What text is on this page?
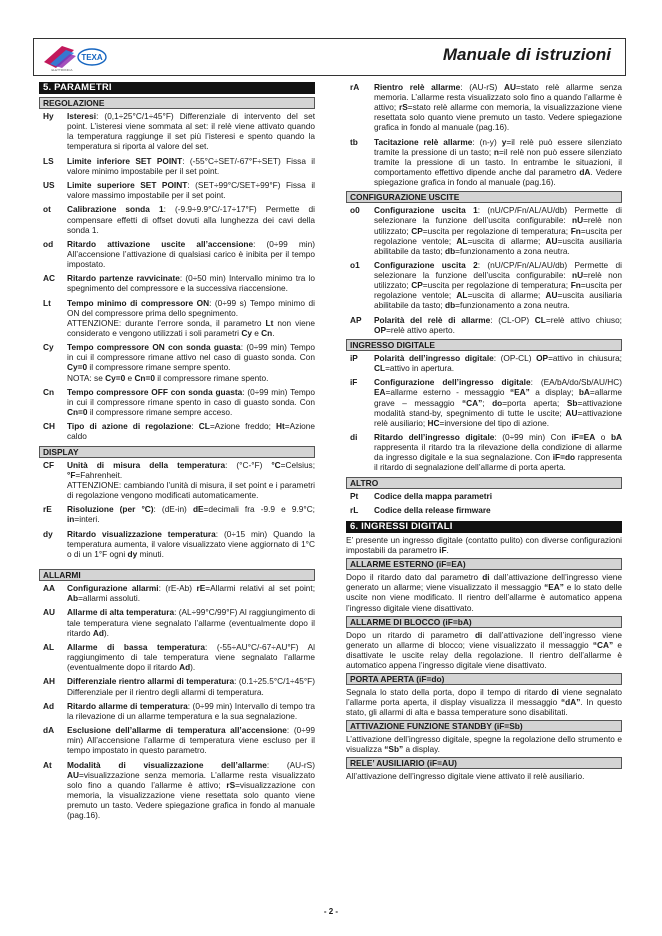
TEXA
ELETTRONICA
Manuale di istruzioni
5. PARAMETRI
REGOLAZIONE
Hy	Isteresi: (0,1÷25°C/1÷45°F) Differenziale di intervento del set point. L’isteresi viene sommata al set: il relè viene attivato quando la temperatura raggiunge il set più l’isteresi e spento quando la temperatura si riporta al valore del set.
LS	Limite inferiore SET POINT: (-55°C÷SET/-67°F÷SET) Fissa il valore minimo impostabile per il set point.
US	Limite superiore SET POINT: (SET÷99°C/SET÷99°F) Fissa il valore massimo impostabile per il set point.
ot	Calibrazione sonda 1: (-9.9÷9.9°C/-17÷17°F) Permette di compensare effetti di offset dovuti alla lunghezza dei cavi della sonda 1.
od	Ritardo attivazione uscite all’accensione: (0÷99 min) All’accensione l’attivazione di qualsiasi carico è inibita per il tempo impostato.
AC	Ritardo partenze ravvicinate: (0÷50 min) Intervallo minimo tra lo spegnimento del compressore e la successiva riaccensione.
Lt	Tempo minimo di compressore ON: (0÷99 s) Tempo minimo di ON del compressore prima dello spegnimento.
ATTENZIONE: durante l’errore sonda, il parametro Lt non viene considerato e vengono utilizzati i soli parametri Cy e Cn.
Cy	Tempo compressore ON con sonda guasta: (0÷99 min) Tempo in cui il compressore rimane attivo nel caso di guasto sonda. Con Cy=0 il compressore rimane sempre spento.
NOTA: se Cy=0 e Cn=0 il compressore rimane spento.
Cn	Tempo compressore OFF con sonda guasta: (0÷99 min) Tempo in cui il compressore rimane spento in caso di guasto sonda. Con Cn=0 il compressore rimane sempre acceso.
CH	Tipo di azione di regolazione: CL=Azione freddo; Ht=Azione caldo
DISPLAY
CF	Unità di misura della temperatura: (°C-°F) °C=Celsius; °F=Fahrenheit.
ATTENZIONE: cambiando l’unità di misura, il set point e i parametri di regolazione vengono modificati automaticamente.
rE	Risoluzione (per °C): (dE-in) dE=decimali fra -9.9 e 9.9°C; in=interi.
dy	Ritardo visualizzazione temperatura: (0÷15 min) Quando la temperatura aumenta, il valore visualizzato viene aggiornato di 1°C o di un 1°F ogni dy minuti.
ALLARMI
AA	Configurazione allarmi: (rE-Ab) rE=Allarmi relativi al set point; Ab=allarmi assoluti.
AU	Allarme di alta temperatura: (AL÷99°C/99°F) Al raggiungimento di tale temperatura viene segnalato l’allarme (eventualmente dopo il ritardo Ad).
AL	Allarme di bassa temperatura: (-55÷AU°C/-67÷AU°F) Al raggiungimento di tale temperatura viene segnalato l’allarme (eventualmente dopo il ritardo Ad).
AH	Differenziale rientro allarmi di temperatura: (0.1÷25.5°C/1÷45°F) Differenziale per il rientro degli allarmi di temperatura.
Ad	Ritardo allarme di temperatura: (0÷99 min) Intervallo di tempo tra la rilevazione di un allarme temperatura e la sua segnalazione.
dA	Esclusione dell’allarme di temperatura all’accensione: (0÷99 min) All’accensione l’allarme di temperatura viene escluso per il tempo impostato in questo parametro.
At	Modalità di visualizzazione dell’allarme: (AU-rS) AU=visualizzazione senza memoria. L’allarme resta visualizzato solo fino a quando l’allarme è attivo; rS=visualizzazione con memoria, la visualizzazione viene resettata solo quanto viene premuto un tasto. Vedere spiegazione grafica in fondo al manuale (pag.16).
rA	Rientro relè allarme: (AU-rS) AU=stato relè allarme senza memoria. L’allarme resta visualizzato solo fino a quando l’allarme è attivo; rS=stato relè allarme con memoria, la visualizzazione viene resettata solo quanto viene premuto un tasto. Vedere spiegazione grafica in fondo al manuale (pag.16).
tb	Tacitazione relè allarme: (n-y) y=il relè può essere silenziato tramite la pressione di un tasto; n=il relè non può essere silenziato tramite la pressione di un tasto. In entrambe le situazioni, il comportamento effettivo dipende anche dal parametro dA. Vedere spiegazione grafica in fondo al manuale (pag.16).
CONFIGURAZIONE USCITE
o0	Configurazione uscita 1: (nU/CP/Fn/AL/AU/db) Permette di selezionare la funzione dell’uscita configurabile: nU=relè non utilizzato; CP=uscita per regolazione di temperatura; Fn=uscita per regolazione ventole; AL=uscita di allarme; AU=uscita ausiliaria abilitabile da tasto; db=funzionamento a zona neutra.
o1	Configurazione uscita 2: (nU/CP/Fn/AL/AU/db) Permette di selezionare la funzione dell’uscita configurabile: nU=relè non utilizzato; CP=uscita per regolazione di temperatura; Fn=uscita per regolazione ventole; AL=uscita di allarme; AU=uscita ausiliaria abilitabile da tasto; db=funzionamento a zona neutra.
AP	Polarità del relè di allarme: (CL-OP) CL=relè attivo chiuso; OP=relè attivo aperto.
INGRESSO DIGITALE
iP	Polarità dell’ingresso digitale: (OP-CL) OP=attivo in chiusura; CL=attivo in apertura.
iF	Configurazione dell’ingresso digitale: (EA/bA/do/Sb/AU/HC) EA=allarme esterno - messaggio “EA” a display; bA=allarme grave – messaggio “CA”; do=porta aperta; Sb=attivazione modalità stand-by, spegnimento di tutte le uscite; AU=attivazione relè ausiliario; HC=inversione del tipo di azione.
di	Ritardo dell’ingresso digitale: (0÷99 min) Con iF=EA o bA rappresenta il ritardo tra la rilevazione della condizione di allarme da ingresso digitale e la sua segnalazione. Con iF=do rappresenta il ritardo di segnalazione dell’allarme di porta aperta.
ALTRO
Pt	Codice della mappa parametri
rL	Codice della release firmware
6. INGRESSI DIGITALI
E’ presente un ingresso digitale (contatto pulito) con diverse configurazioni impostabili da parametro iF.
ALLARME ESTERNO (iF=EA)
Dopo il ritardo dato dal parametro di dall’attivazione dell’ingresso viene generato un allarme; viene visualizzato il messaggio “EA” e lo stato delle uscite non viene modificato. Il rientro dell’allarme è automatico appena l’ingresso digitale viene disattivato.
ALLARME DI BLOCCO (iF=bA)
Dopo un ritardo di parametro di dall’attivazione dell’ingresso viene generato un allarme di blocco; viene visualizzato il messaggio “CA” e disattivate le uscite relay della regolazione. Il rientro dell’allarme è automatico appena l’ingresso digitale viene disattivato.
PORTA APERTA (iF=do)
Segnala lo stato della porta, dopo il tempo di ritardo di viene segnalato l’allarme porta aperta, il display visualizza il messaggio “dA”. In questo stato, gli allarmi di alta e bassa temperature sono disabilitati.
ATTIVAZIONE FUNZIONE STANDBY (iF=Sb)
L’attivazione dell’ingresso digitale, spegne la regolazione dello strumento e visualizza “Sb” a display.
RELE’ AUSILIARIO (iF=AU)
All’attivazione dell’ingresso digitale viene attivato il relè ausiliario.
- 2 -
